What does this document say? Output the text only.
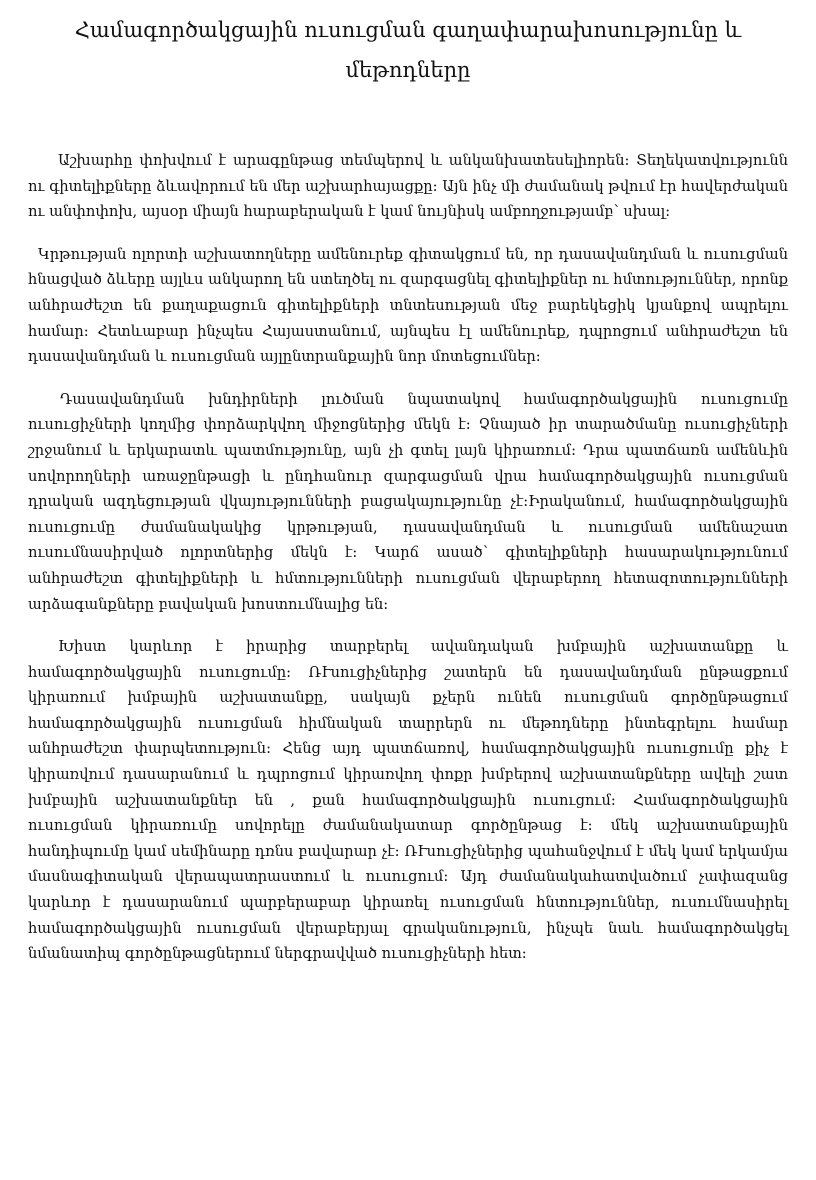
Համագործակցային ուսուցման գաղափարախոսությունը և մեթոդները

Աշխարհը փոխվում է արագընթաց տեմպերով և անկանխատեսելիորեն: Տեղեկատվությունն ու գիտելիքները ձևավորում են մեր աշխարհայացքը: Այն ինչ մի ժամանակ թվում էր հավերժական ու անփոփոխ, այսօր միայն հարաբերական է կամ նույնիսկ ամբողջությամբ՝ սխալ:

Կրթության ոլորտի աշխատողները ամենուրեք գիտակցում են, որ դասավանդման և ուսուցման հնացված ձևերը այլևս անկարող են ստեղծել ու զարգացնել գիտելիքներ ու հմտություններ, որոնք անհրաժեշտ են քաղաքացուն գիտելիքների տնտեսության մեջ բարեկեցիկ կյանքով ապրելու համար: Հետևաբար ինչպես Հայաստանում, այնպես էլ ամենուրեք, դպրոցում անհրաժեշտ են դասավանդման և ուսուցման այլընտրանքային նոր մոտեցումներ:

Դասավանդման խնդիրների լուծման նպատակով համագործակցային ուսուցումը ուսուցիչների կողմից փորձարկվող միջոցներից մեկն է: Չնայած իր տարածմանը ուսուցիչների շրջանում և երկարատև պատմությունը, այն չի գտել լայն կիրառում: Դրա պատճառն ամենևին սովորողների առաջընթացի և ընդհանուր զարգացման վրա համագործակցային ուսուցման դրական ազդեցության վկայությունների բացակայությունը չէ:Իրականում, համագործակցային ուսուցումը ժամանակակից կրթության, դասավանդման և ուսուցման ամենաշատ ուսումնասիրված ոլորտներից մեկն է: Կարճ ասած՝ գիտելիքների հասարակությունում անհրաժեշտ գիտելիքների և հմտությունների ուսուցման վերաբերող հետազոտությունների արձագանքները բավական խոստումնալից են:

Խիստ կարևոր է իրարից տարբերել ավանդական խմբային աշխատանքը և համագործակցային ուսուցումը: ՌՒսուցիչներից շատերն են դասավանդման ընթացքում կիրառում խմբային աշխատանքը, սակայն քչերն ունեն ուսուցման գործընթացում համագործակցային ուսուցման հիմնական տարրերն ու մեթոդները ինտեգրելու համար անհրաժեշտ փարպետություն: Հենց այդ պատճառով, համագործակցային ուսուցումը քիչ է կիրառվում դասարանում և դպրոցում կիրառվող փոքր խմբերով աշխատանքները ավելի շատ խմբային աշխատանքներ են , քան համագործակցային ուսուցում: Համագործակցային ուսուցման կիրառումը սովորելը ժամանակատար գործընթաց է: մեկ աշխատանքային հանդիպումը կամ սեմինարը դռնս բավարար չէ: ՌՒսուցիչներից պահանջվում է մեկ կամ երկամյա մասնագիտական վերապատրաստում և ուսուցում: Այդ ժամանակահատվածում չափազանց կարևոր է դասարանում պարբերաբար կիրառել ուսուցման հնտություններ, ուսումնասիրել համագործակցային ուսուցման վերաբերյալ գրականություն, ինչպե նաև համագործակցել նմանատիպ գործընթացներում ներգրավված ուսուցիչների հետ:
